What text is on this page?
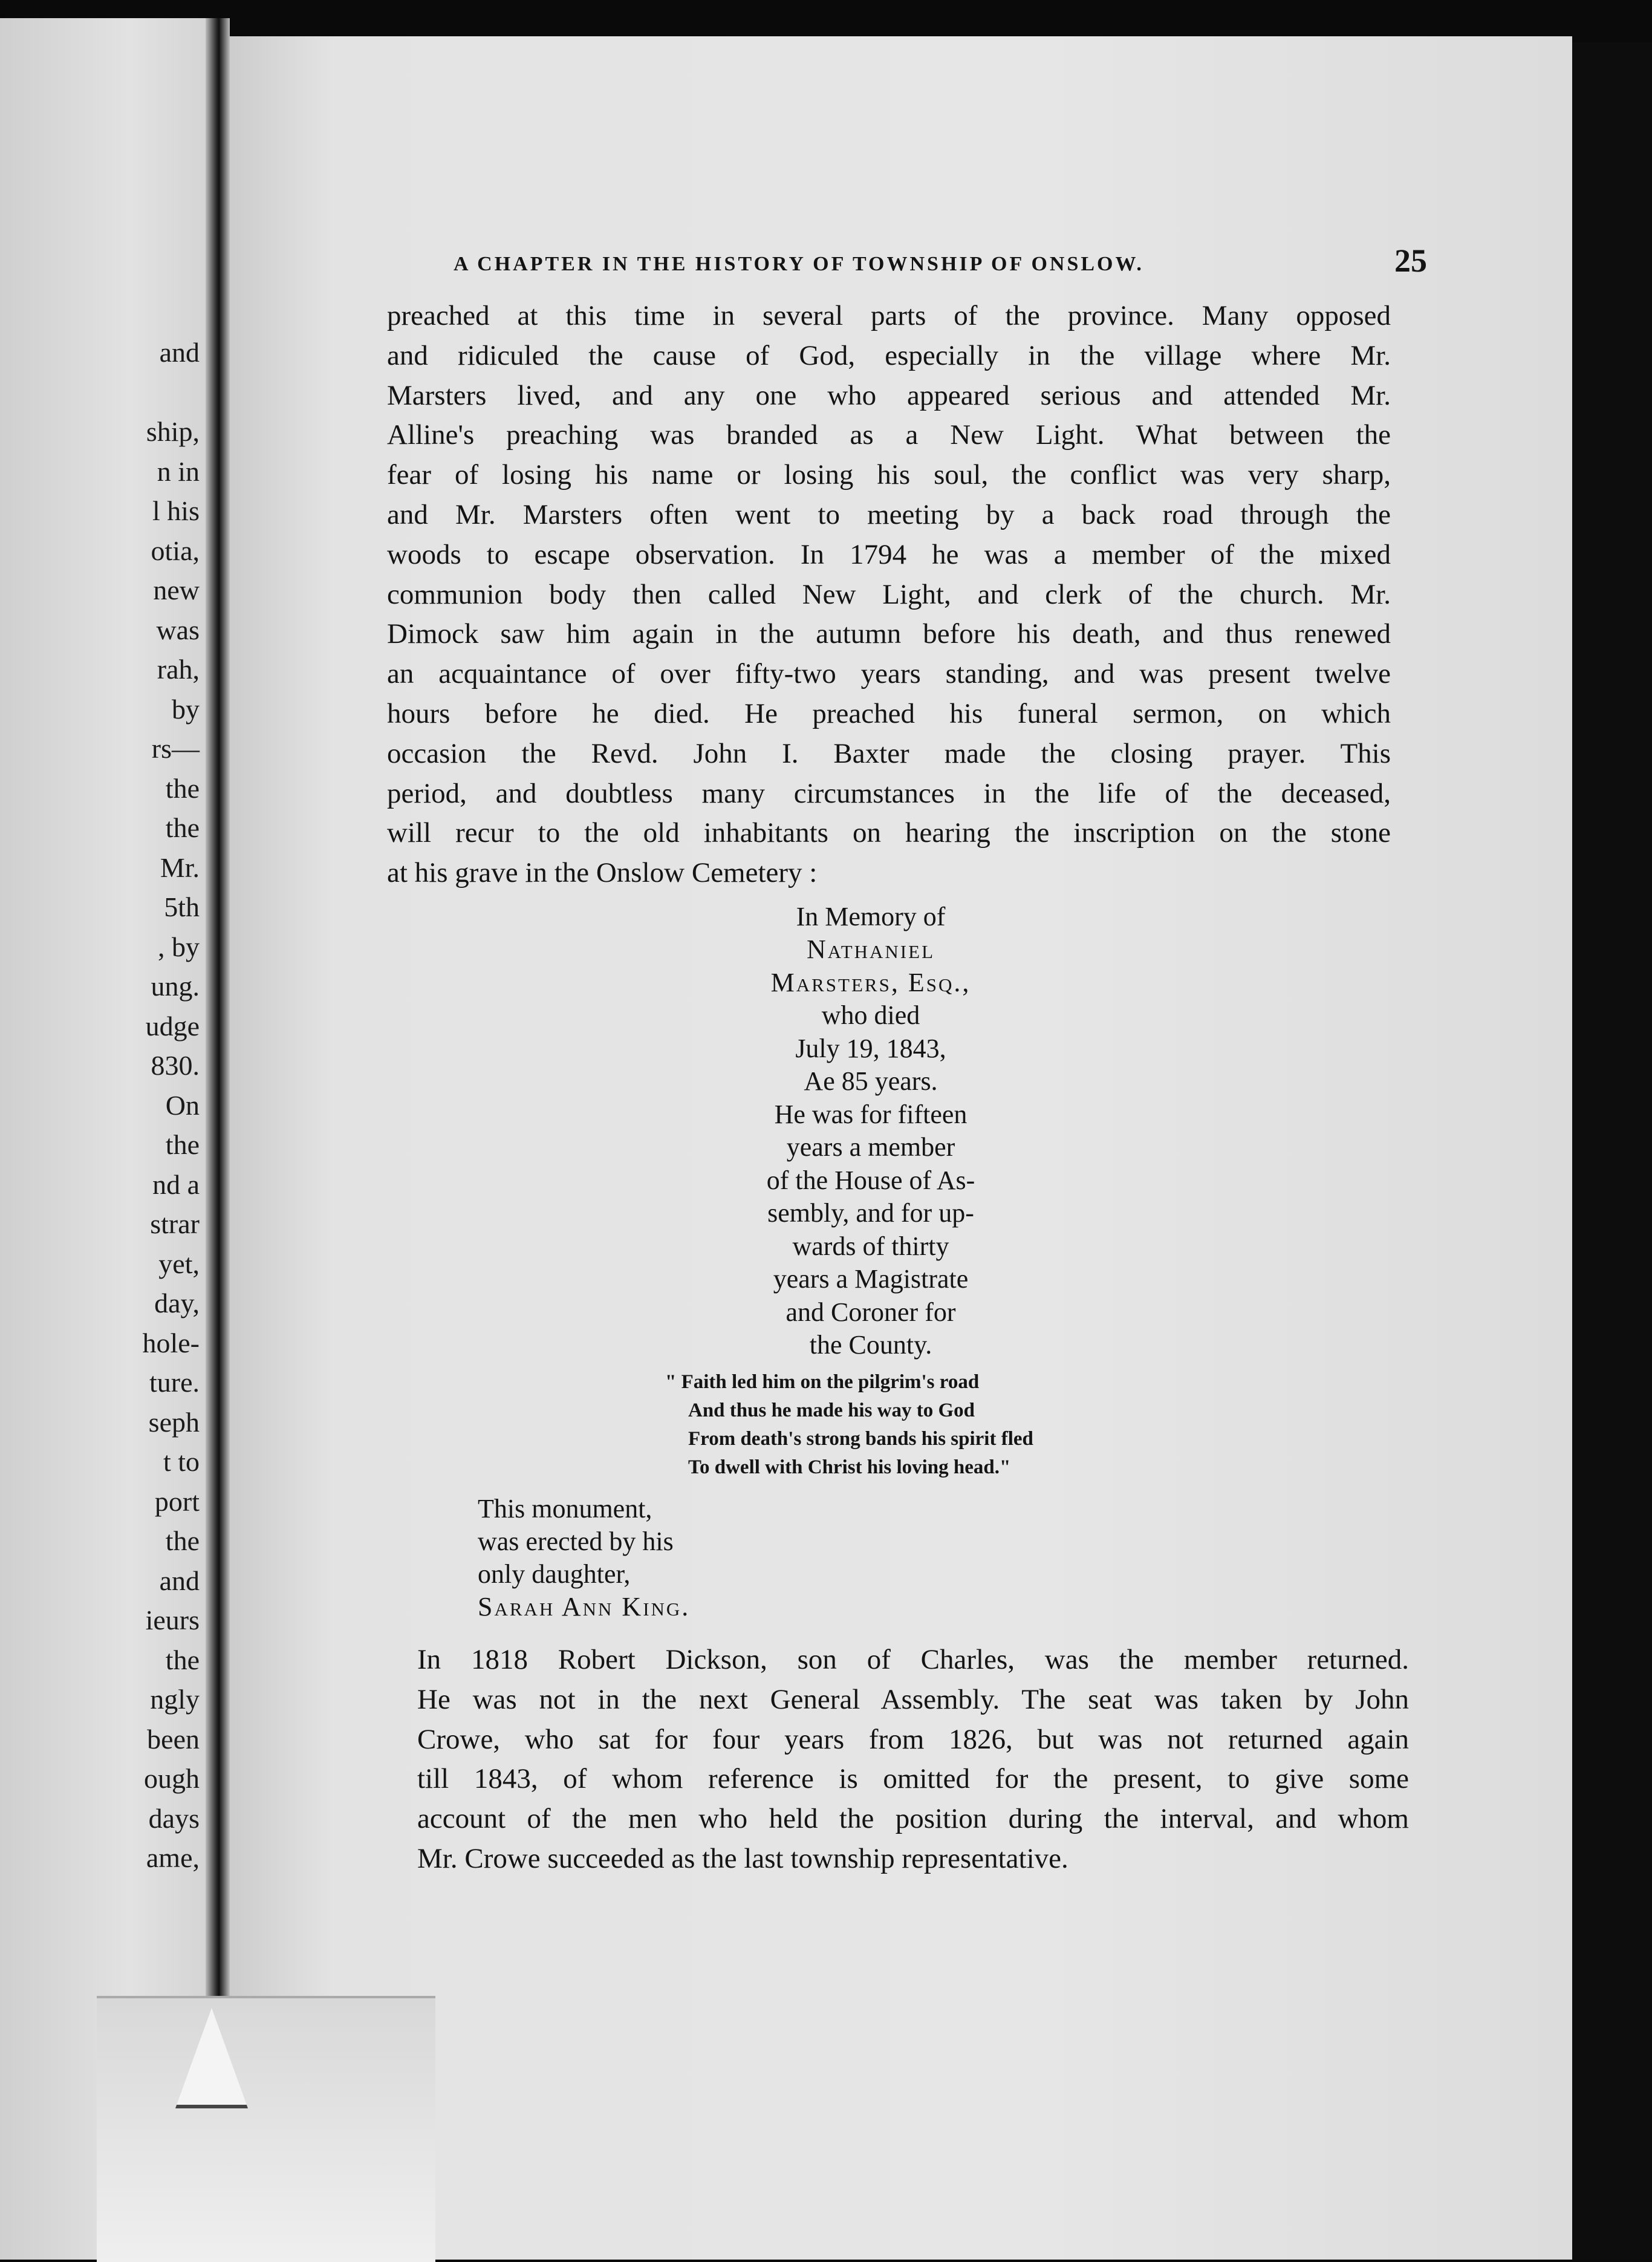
and
ship,
n in
l his
otia,
new
was
rah,
by
rs—
the
the
Mr.
5th
, by
ung.
udge
830.
On
the
nd a
strar
yet,
day,
hole-
ture.
seph
t to
port
the
and
ieurs
the
ngly
been
ough
days
ame,
A CHAPTER IN THE HISTORY OF TOWNSHIP OF ONSLOW.	25

preached at this time in several parts of the province. Many opposed
and ridiculed the cause of God, especially in the village where Mr.
Marsters lived, and any one who appeared serious and attended Mr.
Alline's preaching was branded as a New Light. What between the
fear of losing his name or losing his soul, the conflict was very sharp,
and Mr. Marsters often went to meeting by a back road through the
woods to escape observation. In 1794 he was a member of the mixed
communion body then called New Light, and clerk of the church. Mr.
Dimock saw him again in the autumn before his death, and thus renewed
an acquaintance of over fifty-two years standing, and was present twelve
hours before he died. He preached his funeral sermon, on which
occasion the Revd. John I. Baxter made the closing prayer. This
period, and doubtless many circumstances in the life of the deceased,
will recur to the old inhabitants on hearing the inscription on the stone
at his grave in the Onslow Cemetery :

In Memory of
Nathaniel
Marsters, Esq.,
who died
July 19, 1843,
Ae 85 years.
He was for fifteen
years a member
of the House of As-
sembly, and for up-
wards of thirty
years a Magistrate
and Coroner for
the County.
" Faith led him on the pilgrim's road
And thus he made his way to God
From death's strong bands his spirit fled
To dwell with Christ his loving head."
This monument,
was erected by his
only daughter,
Sarah Ann King.

In 1818 Robert Dickson, son of Charles, was the member returned.
He was not in the next General Assembly. The seat was taken by John
Crowe, who sat for four years from 1826, but was not returned again
till 1843, of whom reference is omitted for the present, to give some
account of the men who held the position during the interval, and whom
Mr. Crowe succeeded as the last township representative.
